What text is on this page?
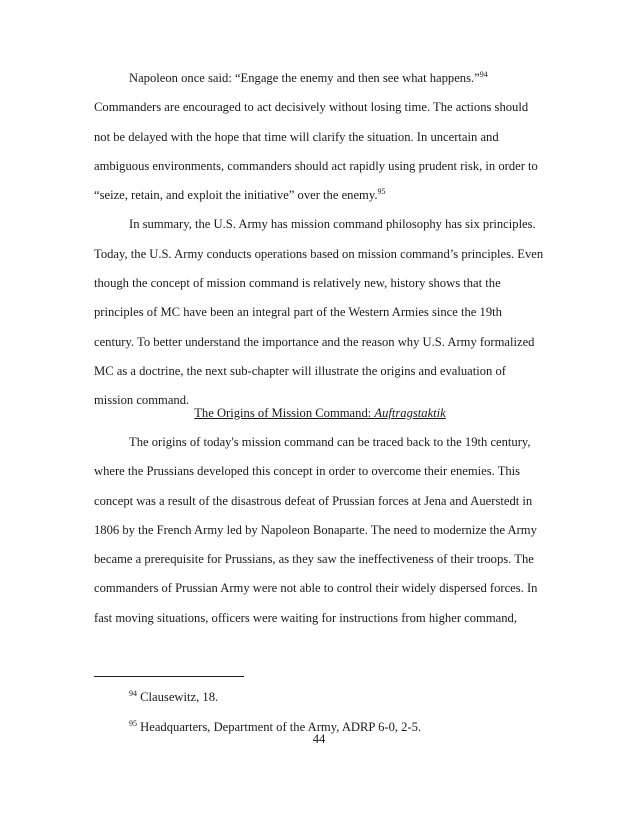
Napoleon once said: “Engage the enemy and then see what happens.”$^{94}$
Commanders are encouraged to act decisively without losing time. The actions should
not be delayed with the hope that time will clarify the situation. In uncertain and
ambiguous environments, commanders should act rapidly using prudent risk, in order to
“seize, retain, and exploit the initiative” over the enemy.$^{95}$
In summary, the U.S. Army has mission command philosophy has six principles.
Today, the U.S. Army conducts operations based on mission command’s principles. Even
though the concept of mission command is relatively new, history shows that the
principles of MC have been an integral part of the Western Armies since the 19th
century. To better understand the importance and the reason why U.S. Army formalized
MC as a doctrine, the next sub-chapter will illustrate the origins and evaluation of
mission command.
The Origins of Mission Command: Auftragstaktik
The origins of today's mission command can be traced back to the 19th century,
where the Prussians developed this concept in order to overcome their enemies. This
concept was a result of the disastrous defeat of Prussian forces at Jena and Auerstedt in
1806 by the French Army led by Napoleon Bonaparte. The need to modernize the Army
became a prerequisite for Prussians, as they saw the ineffectiveness of their troops. The
commanders of Prussian Army were not able to control their widely dispersed forces. In
fast moving situations, officers were waiting for instructions from higher command,
$^{94}$ Clausewitz, 18.
$^{95}$ Headquarters, Department of the Army, ADRP 6-0, 2-5.
44
